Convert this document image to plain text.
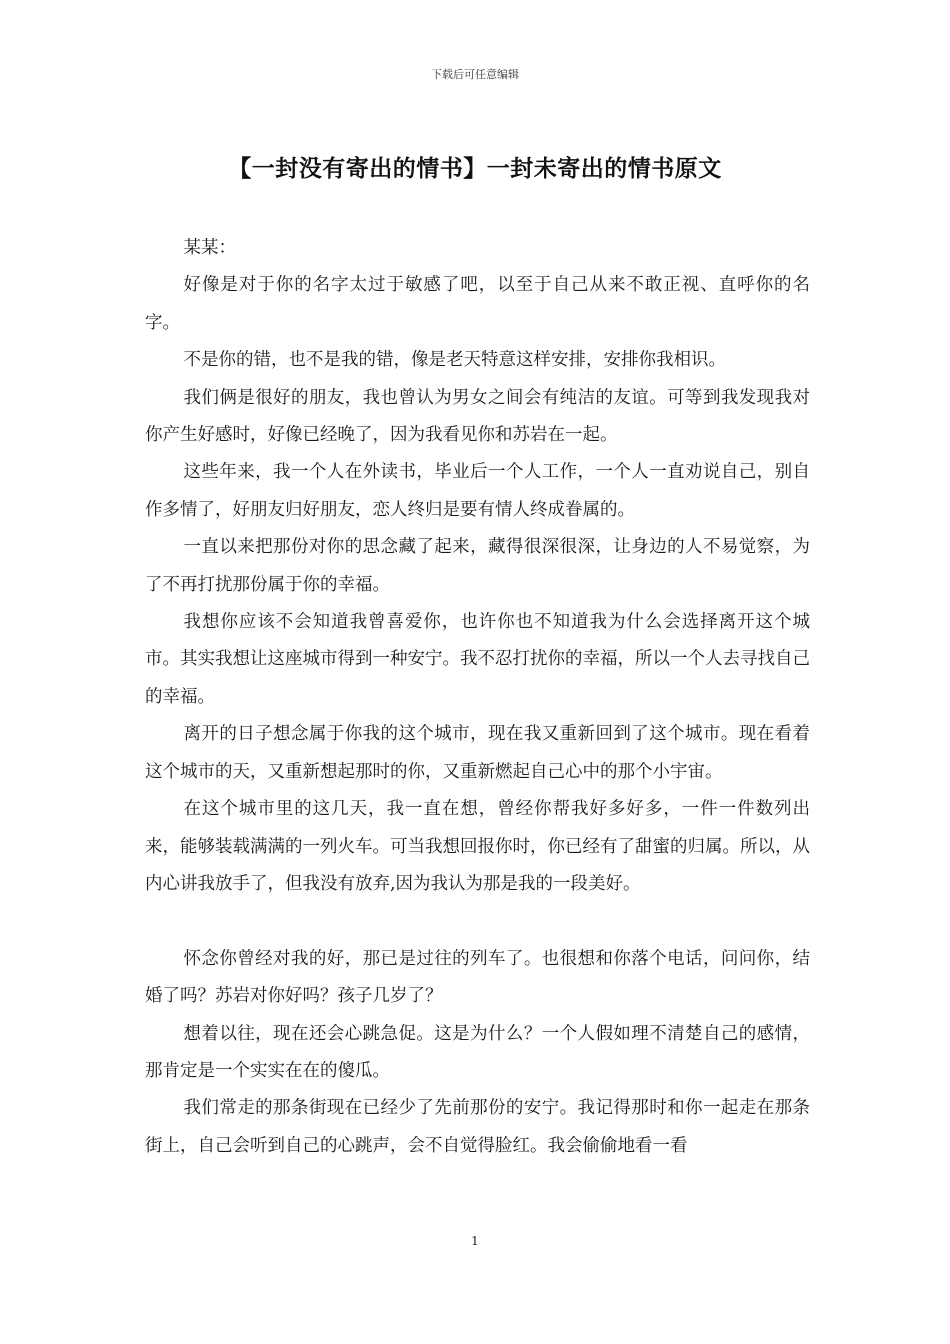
下载后可任意编辑
【一封没有寄出的情书】一封未寄出的情书原文

某某：

好像是对于你的名字太过于敏感了吧，以至于自己从来不敢正视、直呼你的名字。

不是你的错，也不是我的错，像是老天特意这样安排，安排你我相识。

我们俩是很好的朋友，我也曾认为男女之间会有纯洁的友谊。可等到我发现我对你产生好感时，好像已经晚了，因为我看见你和苏岩在一起。

这些年来，我一个人在外读书，毕业后一个人工作，一个人一直劝说自己，别自作多情了，好朋友归好朋友，恋人终归是要有情人终成眷属的。

一直以来把那份对你的思念藏了起来，藏得很深很深，让身边的人不易觉察，为了不再打扰那份属于你的幸福。

我想你应该不会知道我曾喜爱你，也许你也不知道我为什么会选择离开这个城市。其实我想让这座城市得到一种安宁。我不忍打扰你的幸福，所以一个人去寻找自己的幸福。

离开的日子想念属于你我的这个城市，现在我又重新回到了这个城市。现在看着这个城市的天，又重新想起那时的你，又重新燃起自己心中的那个小宇宙。

在这个城市里的这几天，我一直在想，曾经你帮我好多好多，一件一件数列出来，能够装载满满的一列火车。可当我想回报你时，你已经有了甜蜜的归属。所以，从内心讲我放手了，但我没有放弃,因为我认为那是我的一段美好。

怀念你曾经对我的好，那已是过往的列车了。也很想和你落个电话，问问你，结婚了吗？苏岩对你好吗？孩子几岁了？

想着以往，现在还会心跳急促。这是为什么？一个人假如理不清楚自己的感情，那肯定是一个实实在在的傻瓜。

我们常走的那条街现在已经少了先前那份的安宁。我记得那时和你一起走在那条街上，自己会听到自己的心跳声，会不自觉得脸红。我会偷偷地看一看

1
